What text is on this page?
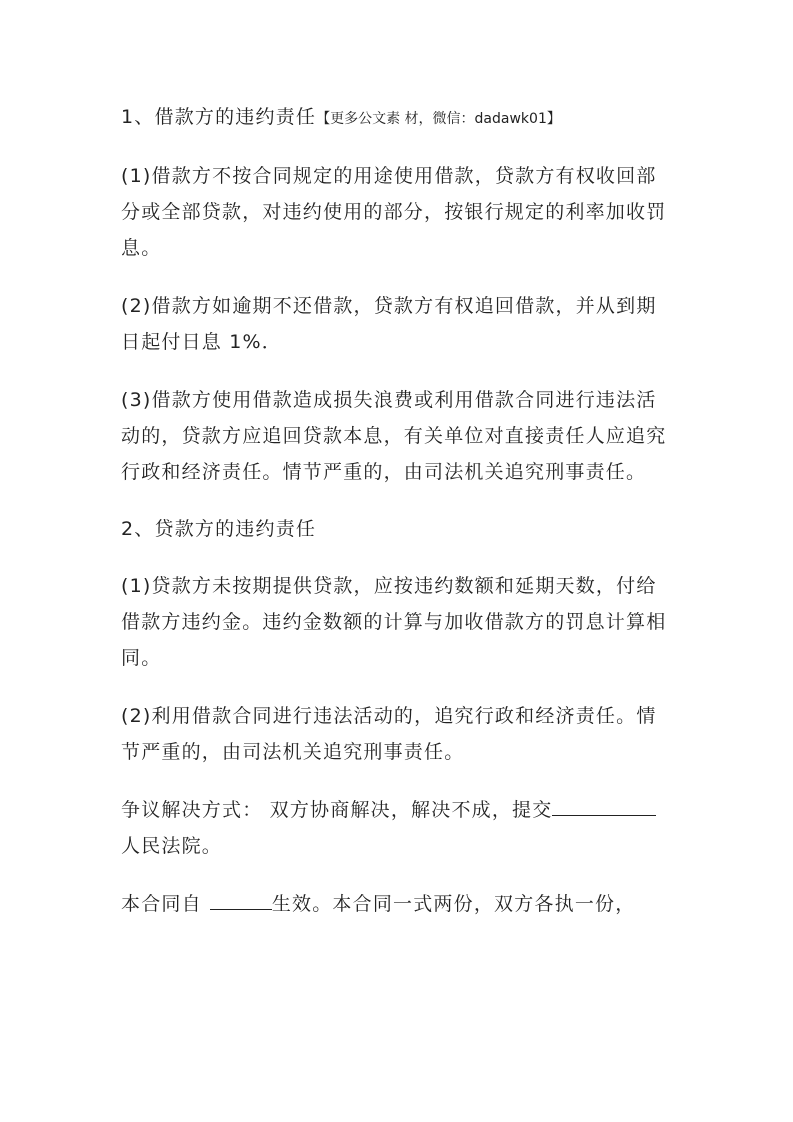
1、借款方的违约责任【更多公文素 材，微信：dadawk01】

(1)借款方不按合同规定的用途使用借款，贷款方有权收回部分或全部贷款，对违约使用的部分，按银行规定的利率加收罚息。

(2)借款方如逾期不还借款，贷款方有权追回借款，并从到期日起付日息 1%．

(3)借款方使用借款造成损失浪费或利用借款合同进行违法活动的，贷款方应追回贷款本息，有关单位对直接责任人应追究行政和经济责任。情节严重的，由司法机关追究刑事责任。

2、贷款方的违约责任

(1)贷款方未按期提供贷款，应按违约数额和延期天数，付给借款方违约金。违约金数额的计算与加收借款方的罚息计算相同。

(2)利用借款合同进行违法活动的，追究行政和经济责任。情节严重的，由司法机关追究刑事责任。

争议解决方式： 双方协商解决，解决不成，提交人民法院。

本合同自	生效。本合同一式两份，双方各执一份，
